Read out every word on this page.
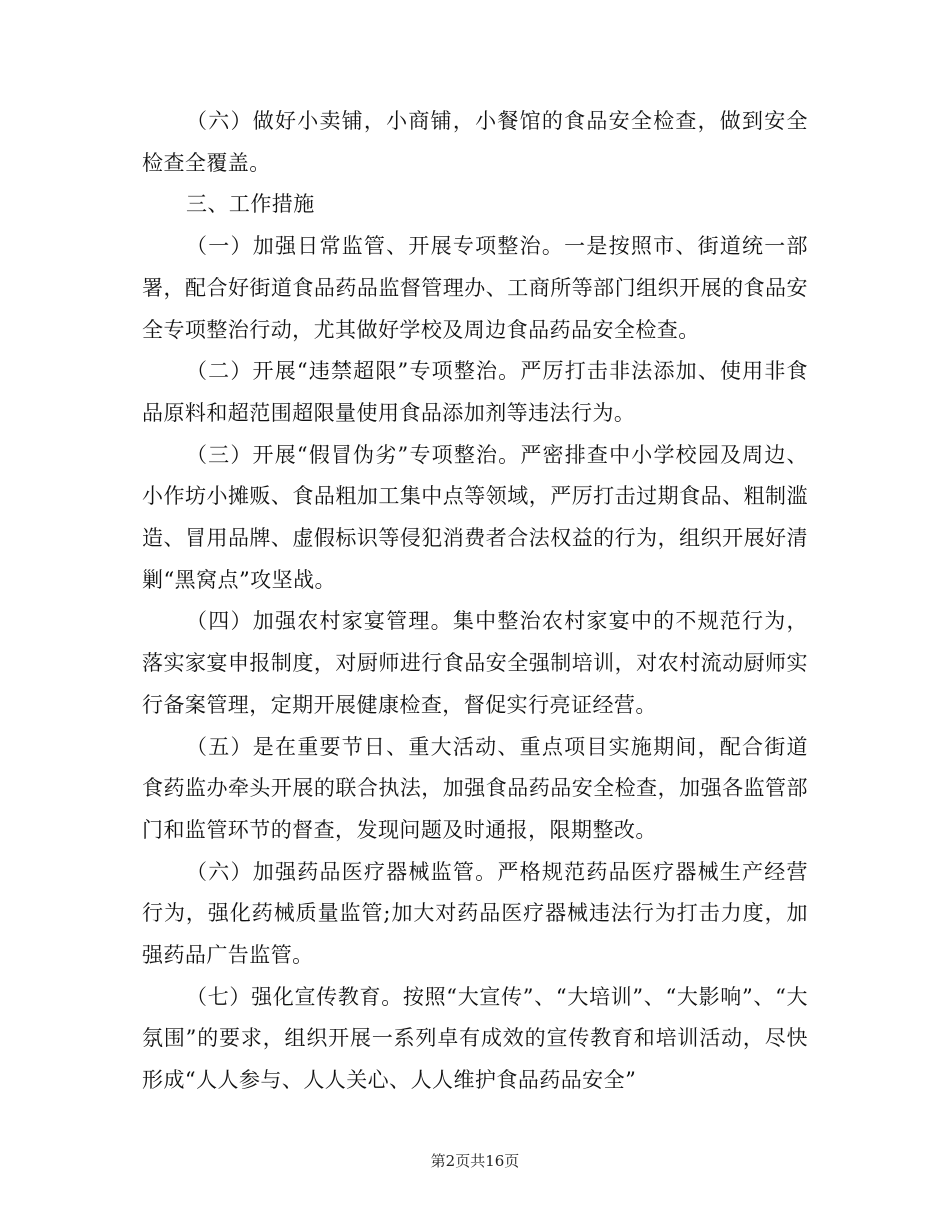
（六）做好小卖铺，小商铺，小餐馆的食品安全检查，做到安全检查全覆盖。

三、工作措施

（一）加强日常监管、开展专项整治。一是按照市、街道统一部署，配合好街道食品药品监督管理办、工商所等部门组织开展的食品安全专项整治行动，尤其做好学校及周边食品药品安全检查。

（二）开展“违禁超限”专项整治。严厉打击非法添加、使用非食品原料和超范围超限量使用食品添加剂等违法行为。

（三）开展“假冒伪劣”专项整治。严密排查中小学校园及周边、小作坊小摊贩、食品粗加工集中点等领域，严厉打击过期食品、粗制滥造、冒用品牌、虚假标识等侵犯消费者合法权益的行为，组织开展好清剿“黑窝点”攻坚战。

（四）加强农村家宴管理。集中整治农村家宴中的不规范行为，落实家宴申报制度，对厨师进行食品安全强制培训，对农村流动厨师实行备案管理，定期开展健康检查，督促实行亮证经营。

（五）是在重要节日、重大活动、重点项目实施期间，配合街道食药监办牵头开展的联合执法，加强食品药品安全检查，加强各监管部门和监管环节的督查，发现问题及时通报，限期整改。

（六）加强药品医疗器械监管。严格规范药品医疗器械生产经营行为，强化药械质量监管;加大对药品医疗器械违法行为打击力度，加强药品广告监管。

（七）强化宣传教育。按照“大宣传”、“大培训”、“大影响”、“大氛围”的要求，组织开展一系列卓有成效的宣传教育和培训活动，尽快形成“人人参与、人人关心、人人维护食品药品安全”

第2页共16页
